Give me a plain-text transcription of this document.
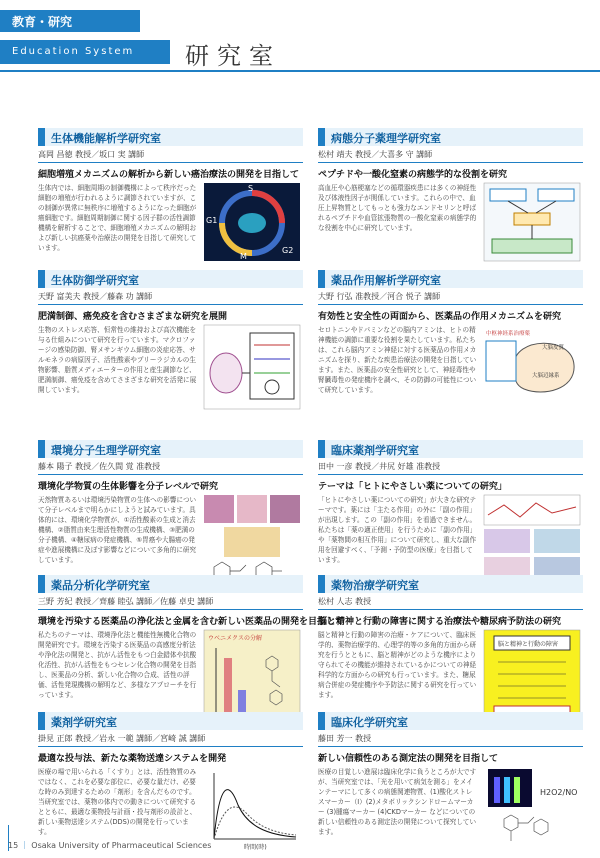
教育・研究
Education System	研究室
生体機能解析学研究室
高岡 昌徳 教授／坂口 実 講師
細胞増殖メカニズムの解析から新しい癌治療法の開発を目指して
生体内では、細胞周期の制御機構によって秩序だった細胞の増殖が行われるように調節されていますが、この制御が異常に無秩序に増殖するようになった細胞が癌細胞です。細胞周期制御に関する因子群の活性調節機構を解析することで、細胞増殖メカニズムの解明および新しい抗癌薬や治療法の開発を目指して研究しています。
S
G1
M
G2
病態分子薬理学研究室
松村 靖夫 教授／大喜多 守 講師
ペプチドや一酸化窒素の病態学的な役割を研究
高血圧や心筋梗塞などの循環器疾患には多くの神経性及び体液性因子が関係しています。これらの中で、血圧上昇物質としてもっとも強力なエンドセリンと呼ばれるペプチドや血管拡張物質の一酸化窒素の病態学的な役割を中心に研究しています。
生体防御学研究室
天野 富美夫 教授／藤森 功 講師
肥満制御、癌免疫を含むさまざまな研究を展開
生物のストレス応答、恒常性の維持および高次機能を与る仕組みについて研究を行っています。マクロファージの感染防御、腎メサンギウム細胞の炎症応答、サルモネラの病原因子、活性酸素やプリーラジカルの生物影響、脂質メディエーターの作用と産生調節など、肥満制御、癌免疫を含めてさまざまな研究を活発に展開しています。
薬品作用解析学研究室
大野 行弘 准教授／河合 悦子 講師
有効性と安全性の両面から、医薬品の作用メカニズムを研究
セロトニンやドパミンなどの脳内アミンは、ヒトの精神機能の調節に重要な役割を果たしています。私たちは、これら脳内アミン神経に対する医薬品の作用メカニズムを探り、新たな疾患治療法の開発を目指しています。また、医薬品の安全性研究として、神経毒性や腎臓毒性の発症機序を調べ、その防御の可能性について研究しています。
中枢神経系治療薬
大脳皮質
大脳辺縁系
環境分子生理学研究室
藤本 陽子 教授／佐久間 覚 准教授
環境化学物質の生体影響を分子レベルで研究
天然物質あるいは環境汚染物質の生体への影響について分子レベルまで明らかにしようと試みています。具体的には、環境化学物質が、①活性酸素の生成と消去機構、②脂質由来生理活性物質の生成機構、③肥満の分子機構、④糖尿病の発症機構、⑤胃癌や大腸癌の発症や進展機構に及ぼす影響などについて多角的に研究しています。
臨床薬剤学研究室
田中 一彦 教授／井尻 好雄 准教授
テーマは「ヒトにやさしい薬についての研究」
「ヒトにやさしい薬についての研究」が大きな研究テーマです。薬には「主たる作用」の外に「副の作用」が出現します。この「副の作用」を看過できません。私たちは「薬の適正使用」を行うために「副の作用」や「薬物間の相互作用」について研究し、重大な副作用を回避すべく、「予測・予防型の医療」を目指しています。
薬品分析化学研究室
三野 芳紀 教授／齊藤 睦弘 講師／佐藤 卓史 講師
環境を汚染する医薬品の浄化法と金属を含む新しい医薬品の開発を目指して
私たちのテーマは、環境浄化法と機能性無機化合物の開発研究です。環境を汚染する医薬品の高感度分析法や浄化法の開発と、抗がん活性をもつ白金錯体や抗酸化活性、抗がん活性をもつセレン化合物の開発を目指し、医薬品の分析、新しい化合物の合成、活性の評価、活性発現機構の解明など、多様なアプローチを行っています。
ウベニメクスの分解
薬物治療学研究室
松村 人志 教授
脳と精神と行動の障害に関する治療法や糖尿病予防法の研究
脳と精神と行動の障害の治療・ケアについて、臨床医学的、薬物治療学的、心理学的等の多角的方面から研究を行うとともに、脳と精神がどのような機序により守られてその機能が維持されているかについての神経科学的な方面からの研究も行っています。また、糖尿病合併症の発症機序や予防法に関する研究を行っています。
脳と精神と行動の障害
薬剤学研究室
掛見 正郎 教授／岩永 一範 講師／宮崎 誠 講師
最適な投与法、新たな薬物送達システムを開発
医療の場で用いられる「くすり」とは、活性物質のみではなく、これを必要な部位に、必要な量だけ、必要な時のみ到達するための「剤形」を含んだものです。当研究室では、薬物の体内での動きについて研究するとともに、最適な薬物投与計画・投与剤形の設計と、新しい薬物送達システム(DDS)の開発を行っています。
時間(時)
臨床化学研究室
藤田 芳一 教授
新しい信頼性のある測定法の開発を目指して
医療の目覚しい進展は臨床化学に負うところが大ですが、当研究室では、「光を用いて病気を測る」をメインテーマにして多くの病態関連物質、(1)酸化ストレスマーカー（Ⅰ）(2)メタボリックシンドロームマーカー (3)腫瘍マーカー (4)CKDマーカー などについての新しい信頼性のある測定法の開発について探究しています。
H2O2/NO
15 ｜ Osaka University of Pharmaceutical Sciences
